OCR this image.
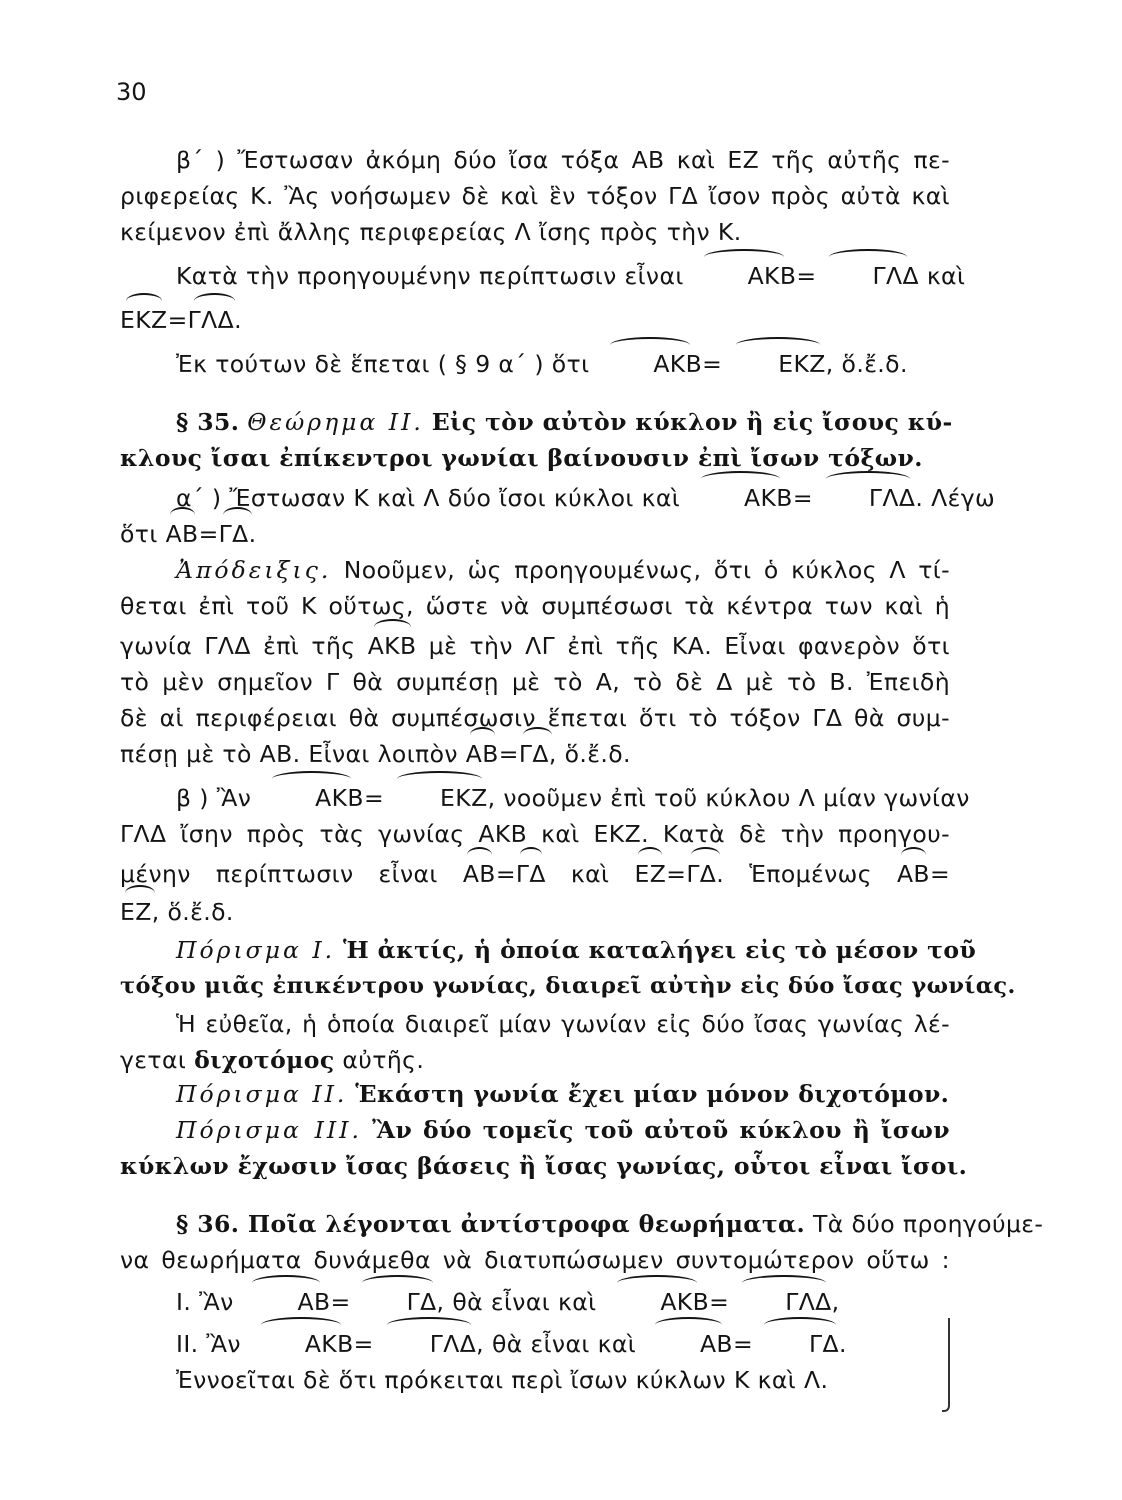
30
β΄ ) Ἔστωσαν ἀκόμη δύο ἴσα τόξα ΑΒ καὶ ΕΖ τῆς αὐτῆς πε-
ριφερείας Κ. Ἂς νοήσωμεν δὲ καὶ ἓν τόξον ΓΔ ἴσον πρὸς αὐτὰ καὶ
κείμενον ἐπὶ ἄλλης περιφερείας Λ ἴσης πρὸς τὴν Κ.
Κατὰ τὴν προηγουμένην περίπτωσιν εἶναι	ΑΚΒ= ΓΛΔ καὶ
ΕΚΖ=ΓΛΔ.
Ἐκ τούτων δὲ ἕπεται ( § 9 α΄ ) ὅτι	ΑΚΒ= ΕΚΖ, ὅ.ἔ.δ.
§ 35. Θεώρημα ΙΙ. Εἰς τὸν αὐτὸν κύκλον ἢ εἰς ἴσους κύ-
κλους ἴσαι ἐπίκεντροι γωνίαι βαίνουσιν ἐπὶ ἴσων τόξων.
α΄ ) Ἔστωσαν Κ καὶ Λ δύο ἴσοι κύκλοι καὶ	ΑΚΒ= ΓΛΔ. Λέγω
ὅτι ΑΒ=ΓΔ.
Ἀπόδειξις. Νοοῦμεν, ὡς προηγουμένως, ὅτι ὁ κύκλος Λ τί-
θεται ἐπὶ τοῦ Κ οὕτως, ὥστε νὰ συμπέσωσι τὰ κέντρα των καὶ ἡ
γωνία ΓΛΔ ἐπὶ τῆς ΑΚΒ μὲ τὴν ΛΓ ἐπὶ τῆς ΚΑ. Εἶναι φανερὸν ὅτι
τὸ μὲν σημεῖον Γ θὰ συμπέσῃ μὲ τὸ Α, τὸ δὲ Δ μὲ τὸ Β. Ἐπειδὴ
δὲ αἱ περιφέρειαι θὰ συμπέσωσιν ἕπεται ὅτι τὸ τόξον ΓΔ θὰ συμ-
πέσῃ μὲ τὸ ΑΒ. Εἶναι λοιπὸν ΑΒ=ΓΔ, ὅ.ἔ.δ.
β ) Ἂν	ΑΚΒ= ΕΚΖ, νοοῦμεν ἐπὶ τοῦ κύκλου Λ μίαν γωνίαν
ΓΛΔ ἴσην πρὸς τὰς γωνίας ΑΚΒ καὶ ΕΚΖ. Κατὰ δὲ τὴν προηγου-
μένην περίπτωσιν εἶναι ΑΒ=ΓΔ καὶ ΕΖ=ΓΔ. Ἑπομένως ΑΒ=
ΕΖ, ὅ.ἔ.δ.
Πόρισμα Ι. Ἡ ἀκτίς, ἡ ὁποία καταλήγει εἰς τὸ μέσον τοῦ
τόξου μιᾶς ἐπικέντρου γωνίας, διαιρεῖ αὐτὴν εἰς δύο ἴσας γωνίας.
Ἡ εὐθεῖα, ἡ ὁποία διαιρεῖ μίαν γωνίαν εἰς δύο ἴσας γωνίας λέ-
γεται διχοτόμος αὐτῆς.
Πόρισμα ΙΙ. Ἑκάστη γωνία ἔχει μίαν μόνον διχοτόμον.
Πόρισμα ΙΙΙ. Ἂν δύο τομεῖς τοῦ αὐτοῦ κύκλου ἢ ἴσων
κύκλων ἔχωσιν ἴσας βάσεις ἢ ἴσας γωνίας, οὗτοι εἶναι ἴσοι.
§ 36. Ποῖα λέγονται ἀντίστροφα θεωρήματα. Τὰ δύο προηγούμε-
να θεωρήματα δυνάμεθα νὰ διατυπώσωμεν συντομώτερον οὕτω :
Ι. Ἂν	ΑΒ= ΓΔ, θὰ εἶναι καὶ	ΑΚΒ= ΓΛΔ,
ΙΙ. Ἂν	ΑΚΒ= ΓΛΔ, θὰ εἶναι καὶ	ΑΒ= ΓΔ.
Ἐννοεῖται δὲ ὅτι πρόκειται περὶ ἴσων κύκλων Κ καὶ Λ.
